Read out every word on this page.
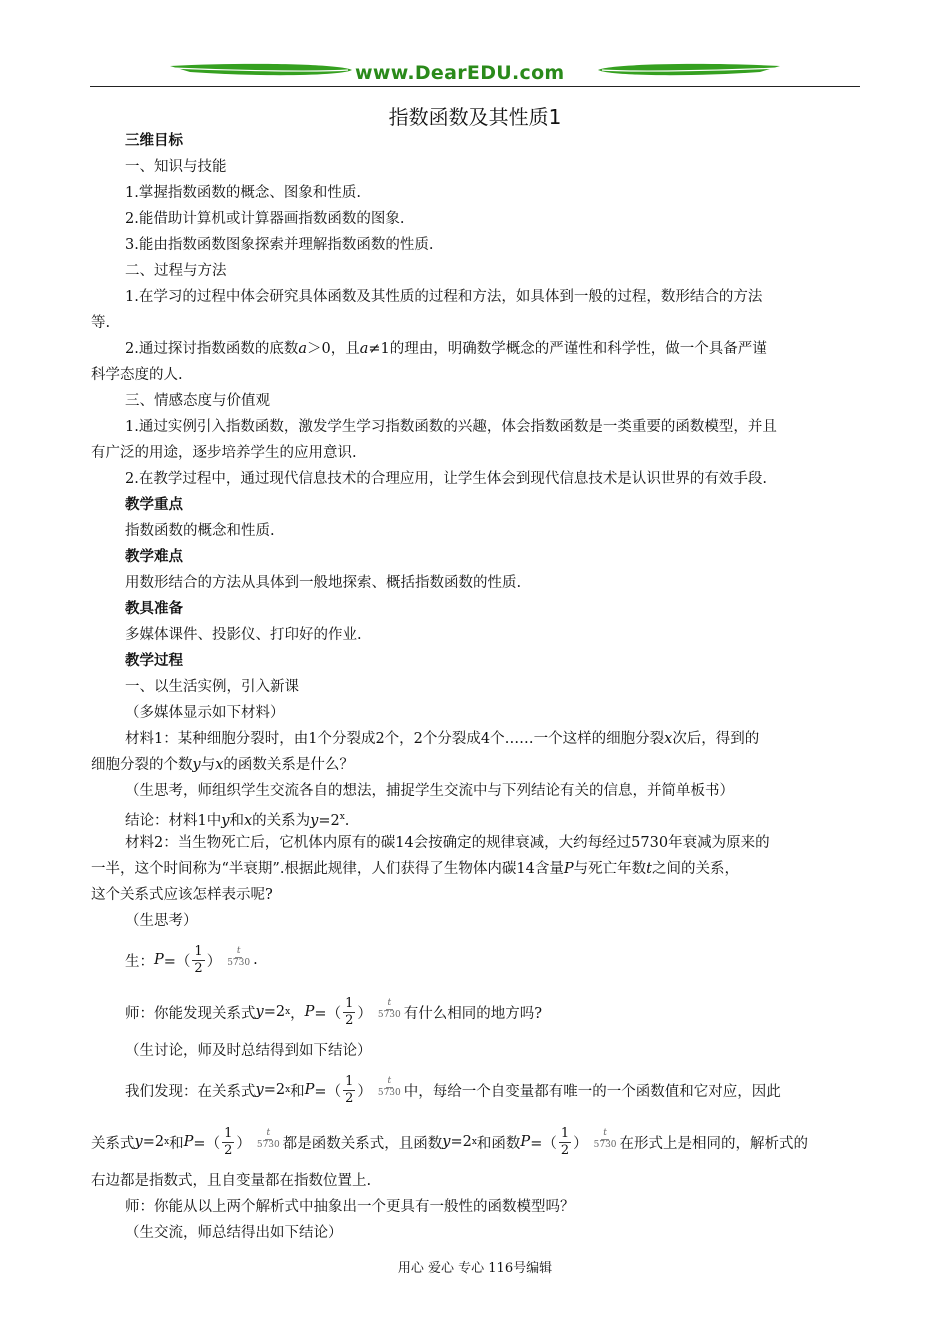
www.DearEDU.com
指数函数及其性质1
三维目标
一、知识与技能
1.掌握指数函数的概念、图象和性质.
2.能借助计算机或计算器画指数函数的图象.
3.能由指数函数图象探索并理解指数函数的性质.
二、过程与方法
1.在学习的过程中体会研究具体函数及其性质的过程和方法，如具体到一般的过程，数形结合的方法
等.
2.通过探讨指数函数的底数a＞0，且a≠1的理由，明确数学概念的严谨性和科学性，做一个具备严谨
科学态度的人.
三、情感态度与价值观
1.通过实例引入指数函数，激发学生学习指数函数的兴趣，体会指数函数是一类重要的函数模型，并且
有广泛的用途，逐步培养学生的应用意识.
2.在教学过程中，通过现代信息技术的合理应用，让学生体会到现代信息技术是认识世界的有效手段.
教学重点
指数函数的概念和性质.
教学难点
用数形结合的方法从具体到一般地探索、概括指数函数的性质.
教具准备
多媒体课件、投影仪、打印好的作业.
教学过程
一、以生活实例，引入新课
（多媒体显示如下材料）
材料1：某种细胞分裂时，由1个分裂成2个，2个分裂成4个……一个这样的细胞分裂x次后，得到的
细胞分裂的个数y与x的函数关系是什么？
（生思考，师组织学生交流各自的想法，捕捉学生交流中与下列结论有关的信息，并简单板书）
结论：材料1中y和x的关系为$y=2^x$.
材料2：当生物死亡后，它机体内原有的碳14会按确定的规律衰减，大约每经过5730年衰减为原来的
一半，这个时间称为“半衰期”.根据此规律，人们获得了生物体内碳14含量P与死亡年数t之间的关系，
这个关系式应该怎样表示呢?
（生思考）
生： P =（ $\frac{1}{2}$ ） $\frac{t}{5730}$ .
师：你能发现关系式 y =2 x ， P =（ $\frac{1}{2}$ ） $\frac{t}{5730}$ 有什么相同的地方吗?
（生讨论，师及时总结得到如下结论）
我们发现：在关系式 y =2 x 和 P =（ $\frac{1}{2}$ ） $\frac{t}{5730}$ 中，每给一个自变量都有唯一的一个函数值和它对应，因此
关系式 y =2 x 和 P =（ $\frac{1}{2}$ ） $\frac{t}{5730}$ 都是函数关系式，且函数 y =2 x 和函数 P =（ $\frac{1}{2}$ ） $\frac{t}{5730}$ 在形式上是相同的，解析式的
右边都是指数式，且自变量都在指数位置上.
师：你能从以上两个解析式中抽象出一个更具有一般性的函数模型吗？
（生交流，师总结得出如下结论）
用心 爱心 专心 116号编辑
